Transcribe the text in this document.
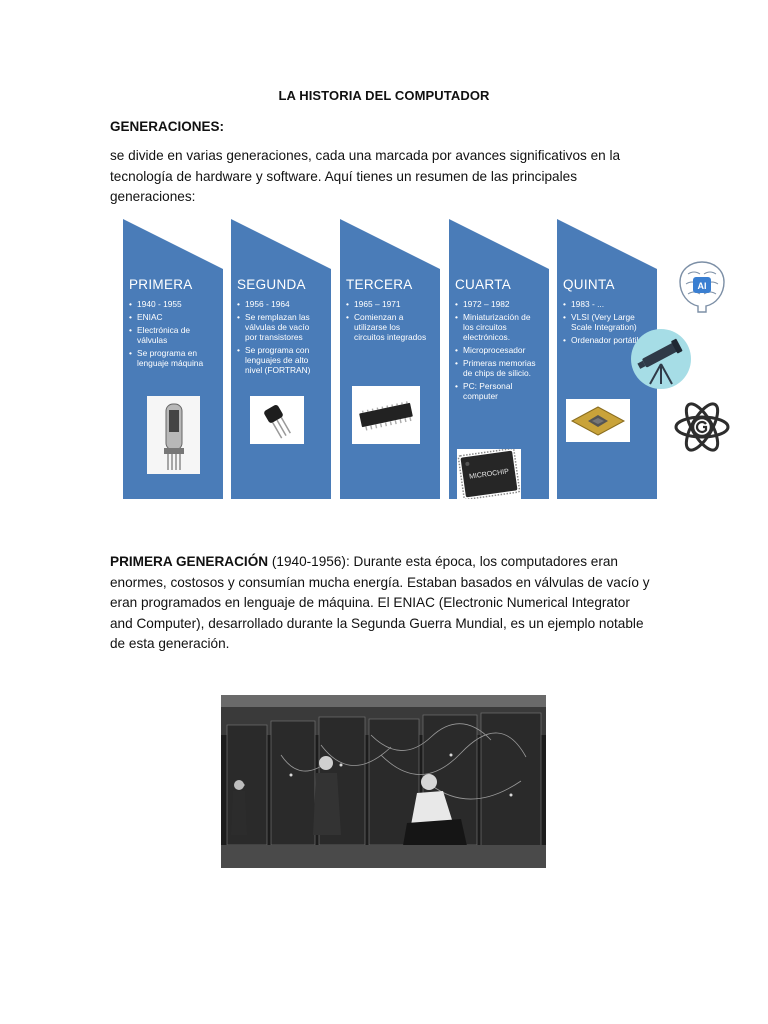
LA HISTORIA DEL COMPUTADOR
GENERACIONES:
se divide en varias generaciones, cada una marcada por avances significativos en la tecnología de hardware y software. Aquí tienes un resumen de las principales generaciones:
PRIMERA
• 1940 - 1955
• ENIAC
• Electrónica de válvulas
• Se programa en lenguaje máquina
SEGUNDA
• 1956 - 1964
• Se remplazan las válvulas de vacío por transistores
• Se programa con lenguajes de alto nivel (FORTRAN)
TERCERA
• 1965 – 1971
• Comienzan a utilizarse los circuitos integrados
CUARTA
• 1972 – 1982
• Miniaturización de los circuitos electrónicos.
• Microprocesador
• Primeras memorias de chips de silicio.
• PC: Personal computer
MICROCHIP
QUINTA
• 1983 - ...
• VLSI (Very Large Scale Integration)
• Ordenador portátil
AI
PRIMERA GENERACIÓN (1940-1956): Durante esta época, los computadores eran enormes, costosos y consumían mucha energía. Estaban basados en válvulas de vacío y eran programados en lenguaje de máquina. El ENIAC (Electronic Numerical Integrator and Computer), desarrollado durante la Segunda Guerra Mundial, es un ejemplo notable de esta generación.
